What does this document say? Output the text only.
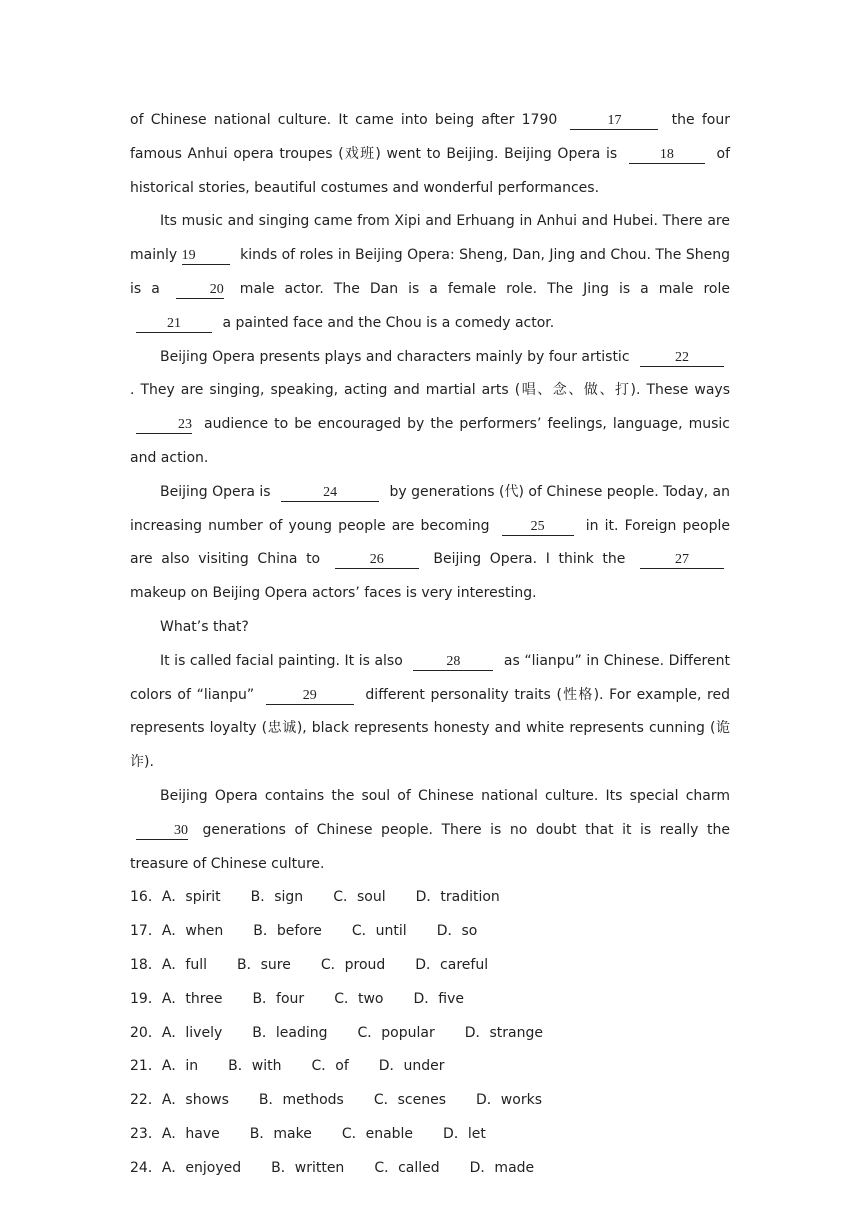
of Chinese national culture. It came into being after 1790	17	the four famous Anhui opera troupes (戏班) went to Beijing. Beijing Opera is	18	of historical stories, beautiful costumes and wonderful performances.

Its music and singing came from Xipi and Erhuang in Anhui and Hubei. There are mainly 19	kinds of roles in Beijing Opera: Sheng, Dan, Jing and Chou. The Sheng is a	20 male actor. The Dan is a female role. The Jing is a male role 21	a painted face and the Chou is a comedy actor.

Beijing Opera presents plays and characters mainly by four artistic	22. They are singing, speaking, acting and martial arts (唱、念、做、打). These ways 23 audience to be encouraged by the performers’ feelings, language, music and action.

Beijing Opera is	24	by generations (代) of Chinese people. Today, an increasing number of young people are becoming	25	in it. Foreign people are also visiting China to	26	Beijing Opera. I think the	27 makeup on Beijing Opera actors’ faces is very interesting.

What’s that?

It is called facial painting. It is also	28	as “lianpu” in Chinese. Different colors of “lianpu”	29	different personality traits (性格). For example, red represents loyalty (忠诚), black represents honesty and white represents cunning (诡诈).

Beijing Opera contains the soul of Chinese national culture. Its special charm 30 generations of Chinese people. There is no doubt that it is really the treasure of Chinese culture.

16．A．spirit B．sign C．soul D．tradition
17．A．when B．before C．until D．so
18．A．full B．sure C．proud D．careful
19．A．three B．four C．two D．five
20．A．lively B．leading C．popular D．strange
21．A．in B．with C．of D．under
22．A．shows B．methods C．scenes D．works
23．A．have B．make C．enable D．let
24．A．enjoyed B．written C．called D．made
